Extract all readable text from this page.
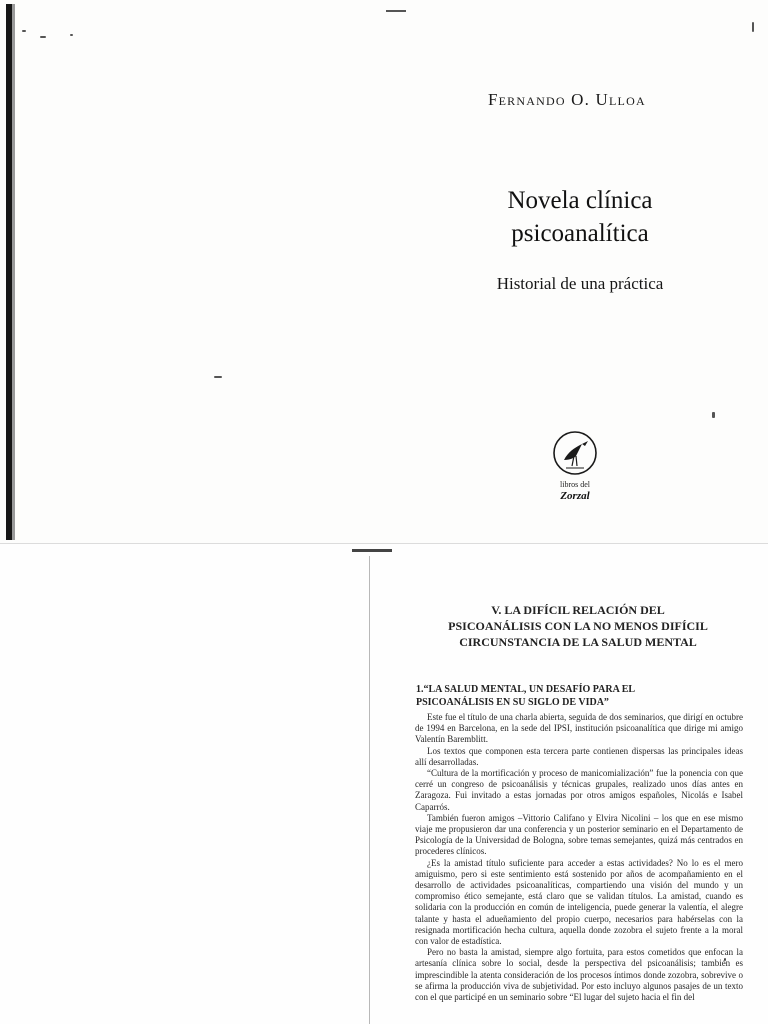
Fernando O. Ulloa
Novela clínica
psicoanalítica
Historial de una práctica
libros del
Zorzal
V. LA DIFÍCIL RELACIÓN DEL
PSICOANÁLISIS CON LA NO MENOS DIFÍCIL
CIRCUNSTANCIA DE LA SALUD MENTAL
1.“LA SALUD MENTAL, UN DESAFÍO PARA EL
PSICOANÁLISIS EN SU SIGLO DE VIDA”

Este fue el título de una charla abierta, seguida de dos seminarios, que dirigí en octubre de 1994 en Barcelona, en la sede del IPSI, institución psicoanalítica que dirige mi amigo Valentín Baremblitt.

Los textos que componen esta tercera parte contienen dispersas las principales ideas allí desarrolladas.

“Cultura de la mortificación y proceso de manicomialización” fue la ponencia con que cerré un congreso de psicoanálisis y técnicas grupales, realizado unos días antes en Zaragoza. Fui invitado a estas jornadas por otros amigos españoles, Nicolás e Isabel Caparrós.

También fueron amigos –Vittorio Califano y Elvira Nicolini – los que en ese mismo viaje me propusieron dar una conferencia y un posterior seminario en el Departamento de Psicología de la Universidad de Bologna, sobre temas semejantes, quizá más centrados en procederes clínicos.

¿Es la amistad título suficiente para acceder a estas actividades? No lo es el mero amiguismo, pero si este sentimiento está sostenido por años de acompañamiento en el desarrollo de actividades psicoanalíticas, compartiendo una visión del mundo y un compromiso ético semejante, está claro que se validan títulos. La amistad, cuando es solidaria con la producción en común de inteligencia, puede generar la valentía, el alegre talante y hasta el adueñamiento del propio cuerpo, necesarios para habérselas con la resignada mortificación hecha cultura, aquella donde zozobra el sujeto frente a la moral con valor de estadística.

Pero no basta la amistad, siempre algo fortuita, para estos cometidos que enfocan la artesanía clínica sobre lo social, desde la perspectiva del psicoanálisis; también es imprescindible la atenta consideración de los procesos íntimos donde zozobra, sobrevive o se afirma la producción viva de subjetividad. Por esto incluyo algunos pasajes de un texto con el que participé en un seminario sobre “El lugar del sujeto hacia el fin del
